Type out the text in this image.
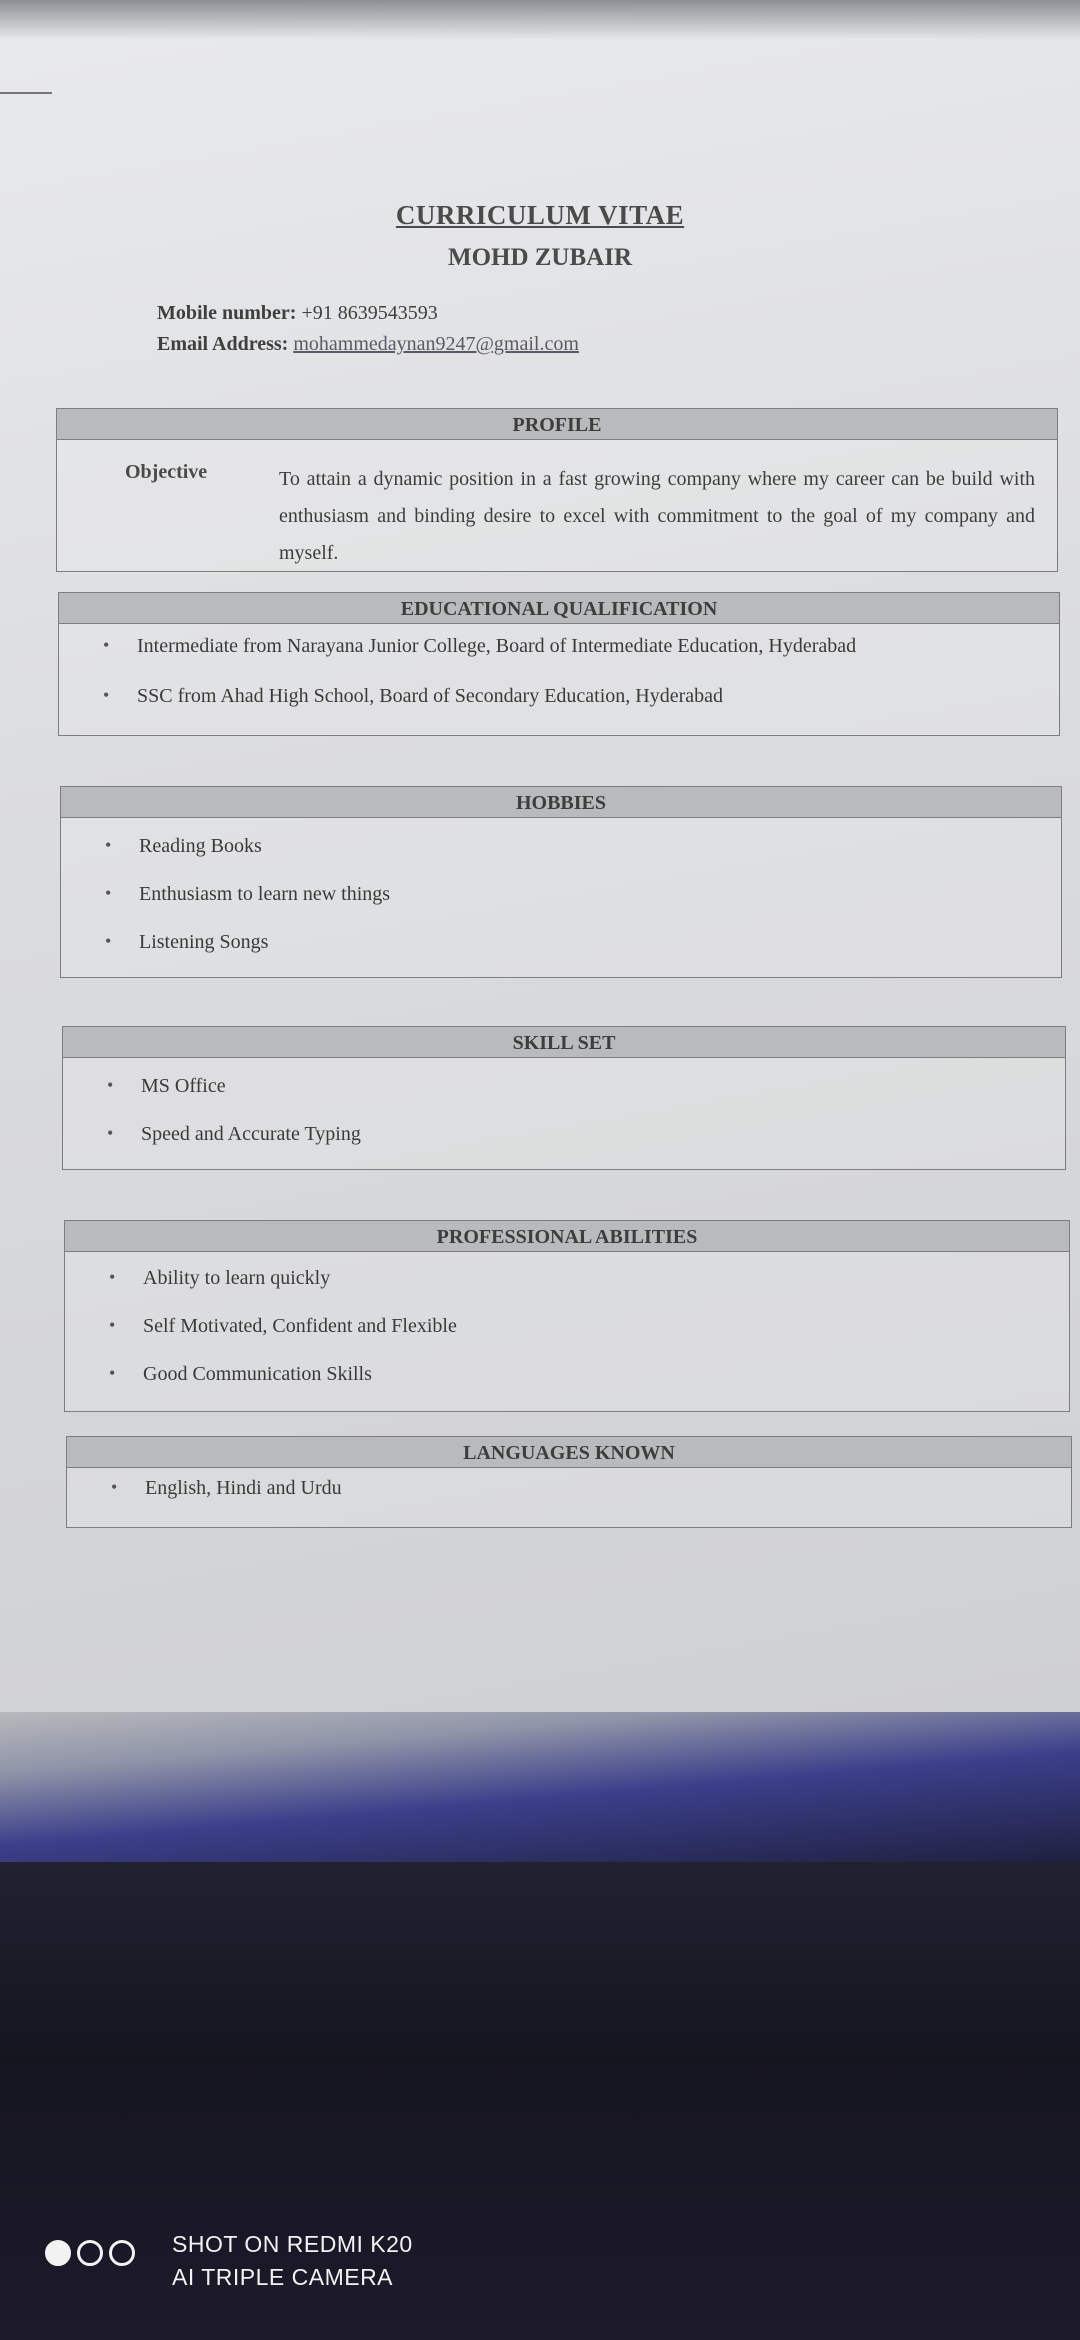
CURRICULUM VITAE
MOHD ZUBAIR
Mobile number: +91 8639543593
Email Address: mohammedaynan9247@gmail.com
PROFILE
Objective	To attain a dynamic position in a fast growing company where my career can be build with enthusiasm and binding desire to excel with commitment to the goal of my company and myself.
EDUCATIONAL QUALIFICATION
• Intermediate from Narayana Junior College, Board of Intermediate Education, Hyderabad
• SSC from Ahad High School, Board of Secondary Education, Hyderabad
HOBBIES
• Reading Books
• Enthusiasm to learn new things
• Listening Songs
SKILL SET
• MS Office
• Speed and Accurate Typing
PROFESSIONAL ABILITIES
• Ability to learn quickly
• Self Motivated, Confident and Flexible
• Good Communication Skills
LANGUAGES KNOWN
• English, Hindi and Urdu
SHOT ON REDMI K20
AI TRIPLE CAMERA
